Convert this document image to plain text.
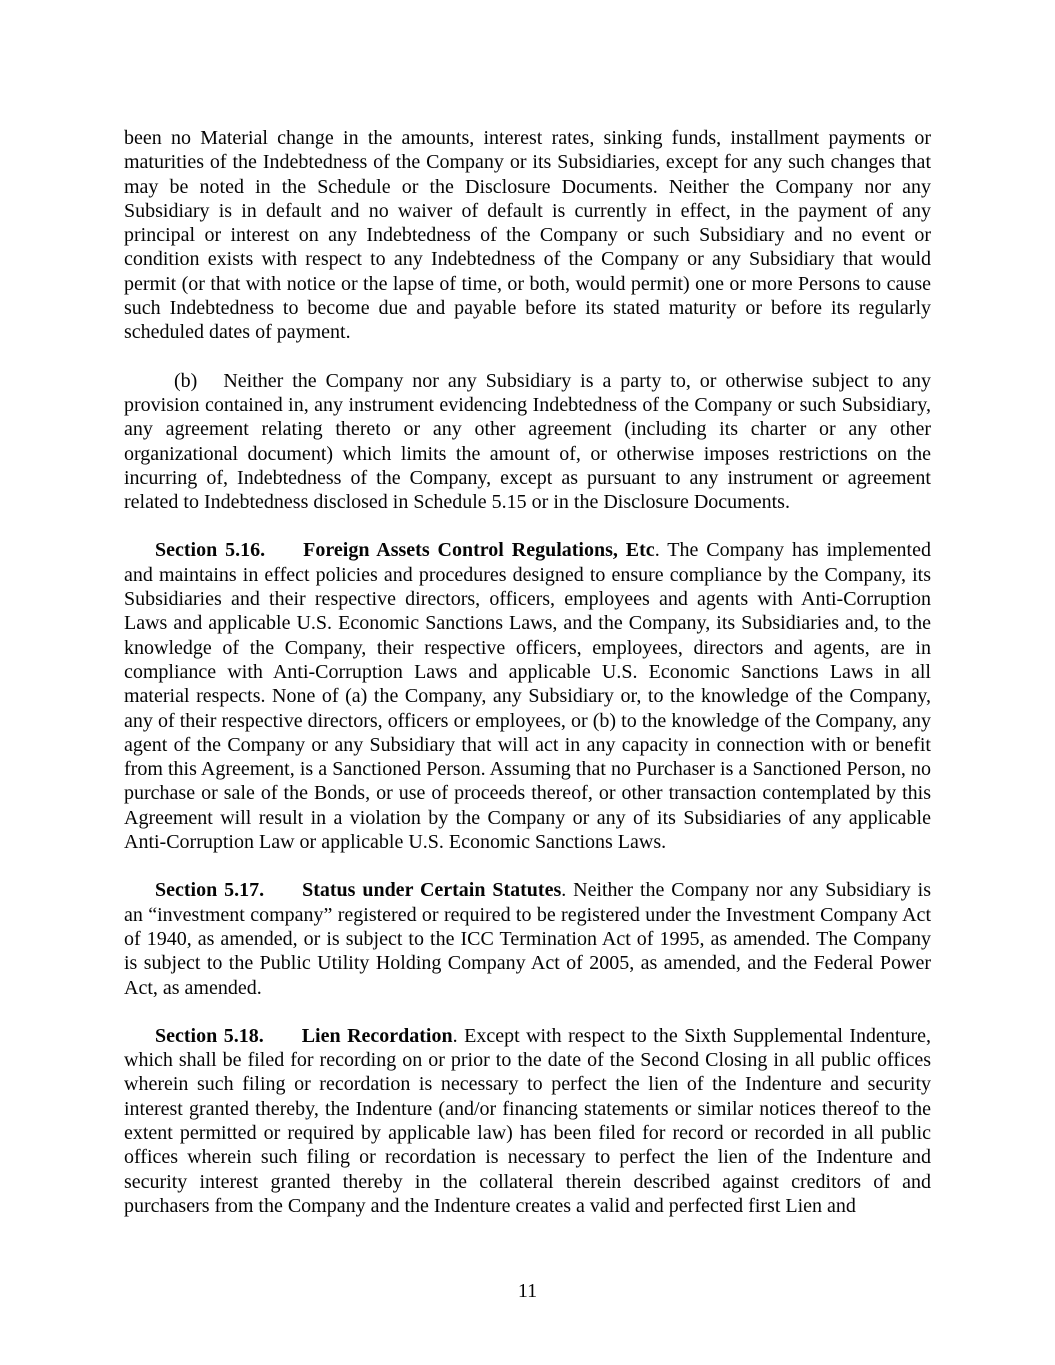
been no Material change in the amounts, interest rates, sinking funds, installment payments or maturities of the Indebtedness of the Company or its Subsidiaries, except for any such changes that may be noted in the Schedule or the Disclosure Documents. Neither the Company nor any Subsidiary is in default and no waiver of default is currently in effect, in the payment of any principal or interest on any Indebtedness of the Company or such Subsidiary and no event or condition exists with respect to any Indebtedness of the Company or any Subsidiary that would permit (or that with notice or the lapse of time, or both, would permit) one or more Persons to cause such Indebtedness to become due and payable before its stated maturity or before its regularly scheduled dates of payment.

(b) Neither the Company nor any Subsidiary is a party to, or otherwise subject to any provision contained in, any instrument evidencing Indebtedness of the Company or such Subsidiary, any agreement relating thereto or any other agreement (including its charter or any other organizational document) which limits the amount of, or otherwise imposes restrictions on the incurring of, Indebtedness of the Company, except as pursuant to any instrument or agreement related to Indebtedness disclosed in Schedule 5.15 or in the Disclosure Documents.

Section 5.16. Foreign Assets Control Regulations, Etc. The Company has implemented and maintains in effect policies and procedures designed to ensure compliance by the Company, its Subsidiaries and their respective directors, officers, employees and agents with Anti-Corruption Laws and applicable U.S. Economic Sanctions Laws, and the Company, its Subsidiaries and, to the knowledge of the Company, their respective officers, employees, directors and agents, are in compliance with Anti-Corruption Laws and applicable U.S. Economic Sanctions Laws in all material respects. None of (a) the Company, any Subsidiary or, to the knowledge of the Company, any of their respective directors, officers or employees, or (b) to the knowledge of the Company, any agent of the Company or any Subsidiary that will act in any capacity in connection with or benefit from this Agreement, is a Sanctioned Person. Assuming that no Purchaser is a Sanctioned Person, no purchase or sale of the Bonds, or use of proceeds thereof, or other transaction contemplated by this Agreement will result in a violation by the Company or any of its Subsidiaries of any applicable Anti-Corruption Law or applicable U.S. Economic Sanctions Laws.

Section 5.17. Status under Certain Statutes. Neither the Company nor any Subsidiary is an “investment company” registered or required to be registered under the Investment Company Act of 1940, as amended, or is subject to the ICC Termination Act of 1995, as amended. The Company is subject to the Public Utility Holding Company Act of 2005, as amended, and the Federal Power Act, as amended.

Section 5.18. Lien Recordation. Except with respect to the Sixth Supplemental Indenture, which shall be filed for recording on or prior to the date of the Second Closing in all public offices wherein such filing or recordation is necessary to perfect the lien of the Indenture and security interest granted thereby, the Indenture (and/or financing statements or similar notices thereof to the extent permitted or required by applicable law) has been filed for record or recorded in all public offices wherein such filing or recordation is necessary to perfect the lien of the Indenture and security interest granted thereby in the collateral therein described against creditors of and purchasers from the Company and the Indenture creates a valid and perfected first Lien and

11
